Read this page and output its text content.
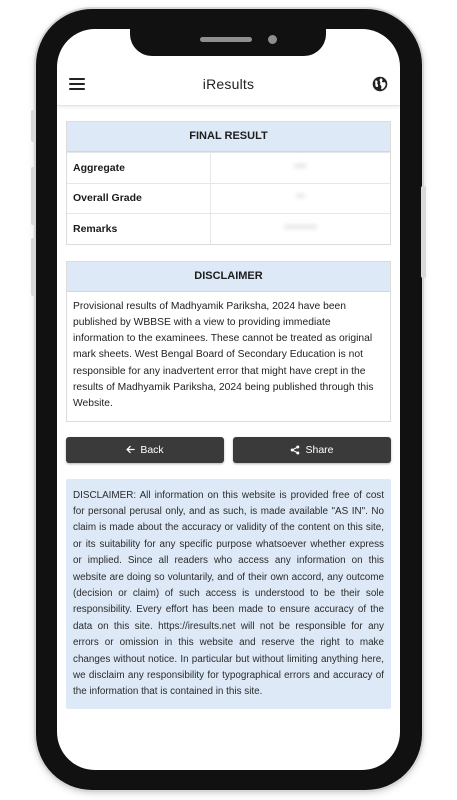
iResults
FINAL RESULT
Aggregate	***
Overall Grade	**
Remarks	********
DISCLAIMER
Provisional results of Madhyamik Pariksha, 2024 have been published by WBBSE with a view to providing immediate information to the examinees. These cannot be treated as original mark sheets. West Bengal Board of Secondary Education is not responsible for any inadvertent error that might have crept in the results of Madhyamik Pariksha, 2024 being published through this Website.
Back	Share
DISCLAIMER: All information on this website is provided free of cost for personal perusal only, and as such, is made available "AS IN". No claim is made about the accuracy or validity of the content on this site, or its suitability for any specific purpose whatsoever whether express or implied. Since all readers who access any information on this website are doing so voluntarily, and of their own accord, any outcome (decision or claim) of such access is understood to be their sole responsibility. Every effort has been made to ensure accuracy of the data on this site. https://iresults.net will not be responsible for any errors or omission in this website and reserve the right to make changes without notice. In particular but without limiting anything here, we disclaim any responsibility for typographical errors and accuracy of the information that is contained in this site.
